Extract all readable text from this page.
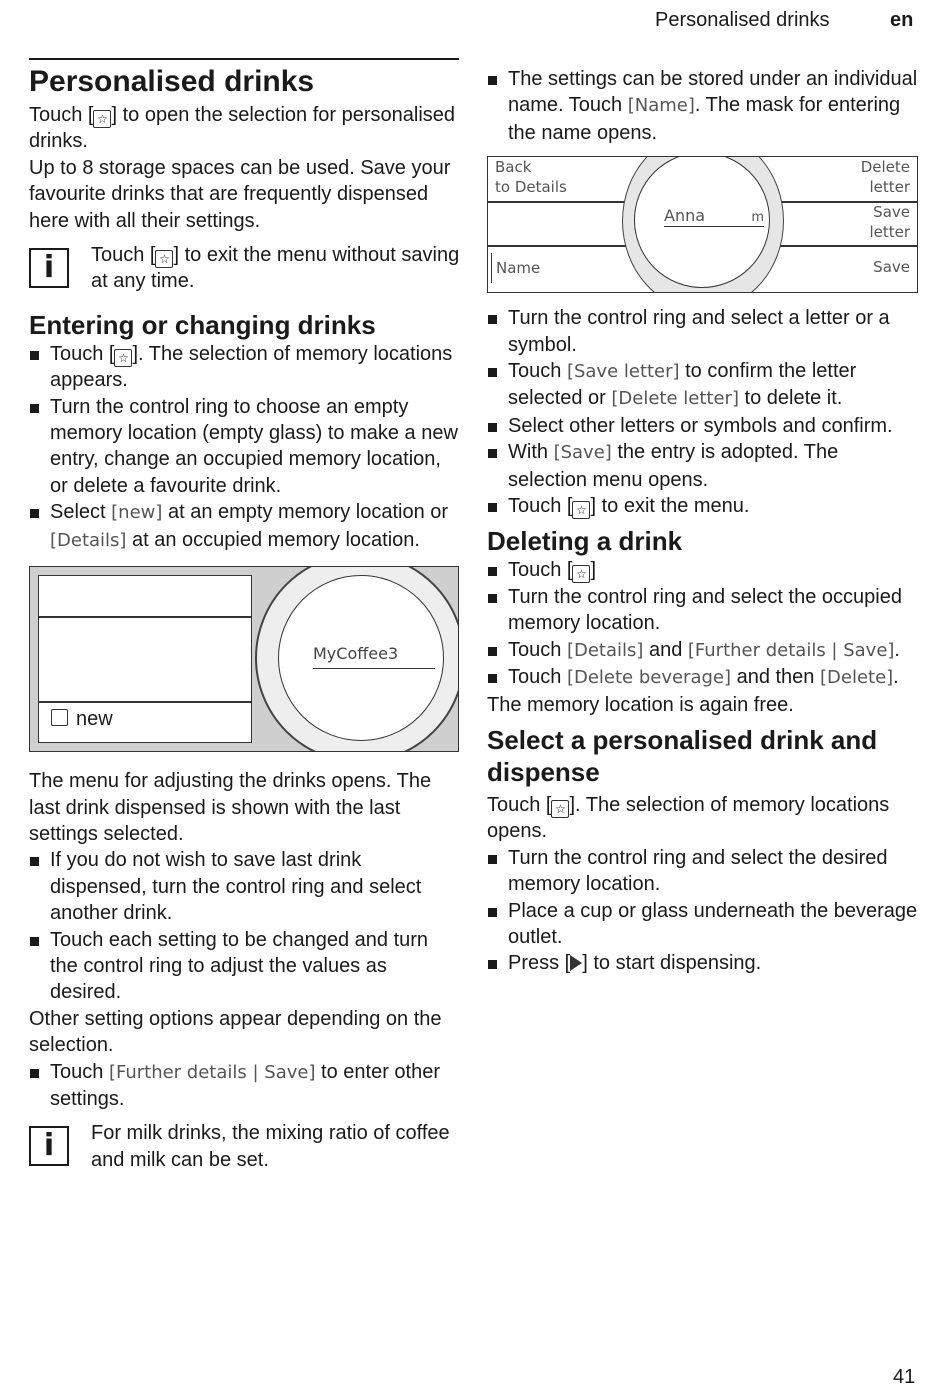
Personalised drinks	en
Personalised drinks

Touch [ ☆ ] to open the selection for personalised drinks.

Up to 8 storage spaces can be used. Save your favourite drinks that are frequently dispensed here with all their settings.

i	Touch [ ☆ ] to exit the menu without saving at any time.
Entering or changing drinks
Touch [ ☆ ]. The selection of memory locations appears.
Turn the control ring to choose an empty memory location (empty glass) to make a new entry, change an occupied memory location, or delete a favourite drink.
Select [new] at an empty memory location or [Details] at an occupied memory location.
new
MyCoffee3

The menu for adjusting the drinks opens. The last drink dispensed is shown with the last settings selected.

If you do not wish to save last drink dispensed, turn the control ring and select another drink.
Touch each setting to be changed and turn the control ring to adjust the values as desired.

Other setting options appear depending on the selection.

Touch [Further details | Save] to enter other settings.
i	For milk drinks, the mixing ratio of coffee and milk can be set.
The settings can be stored under an individual name. Touch [Name]. The mask for entering the name opens.
Back
to Details
Delete
letter
Save
letter
Name	Save
Anna	m
Turn the control ring and select a letter or a symbol.
Touch [Save letter] to confirm the letter selected or [Delete letter] to delete it.
Select other letters or symbols and confirm.
With [Save] the entry is adopted. The selection menu opens.
Touch [ ☆ ] to exit the menu.
Deleting a drink
Touch [ ☆ ]
Turn the control ring and select the occupied memory location.
Touch [Details] and [Further details | Save].
Touch [Delete beverage] and then [Delete].

The memory location is again free.

Select a personalised drink and dispense

Touch [ ☆ ]. The selection of memory locations opens.

Turn the control ring and select the desired memory location.
Place a cup or glass underneath the beverage outlet.
Press [ ] to start dispensing.
41
